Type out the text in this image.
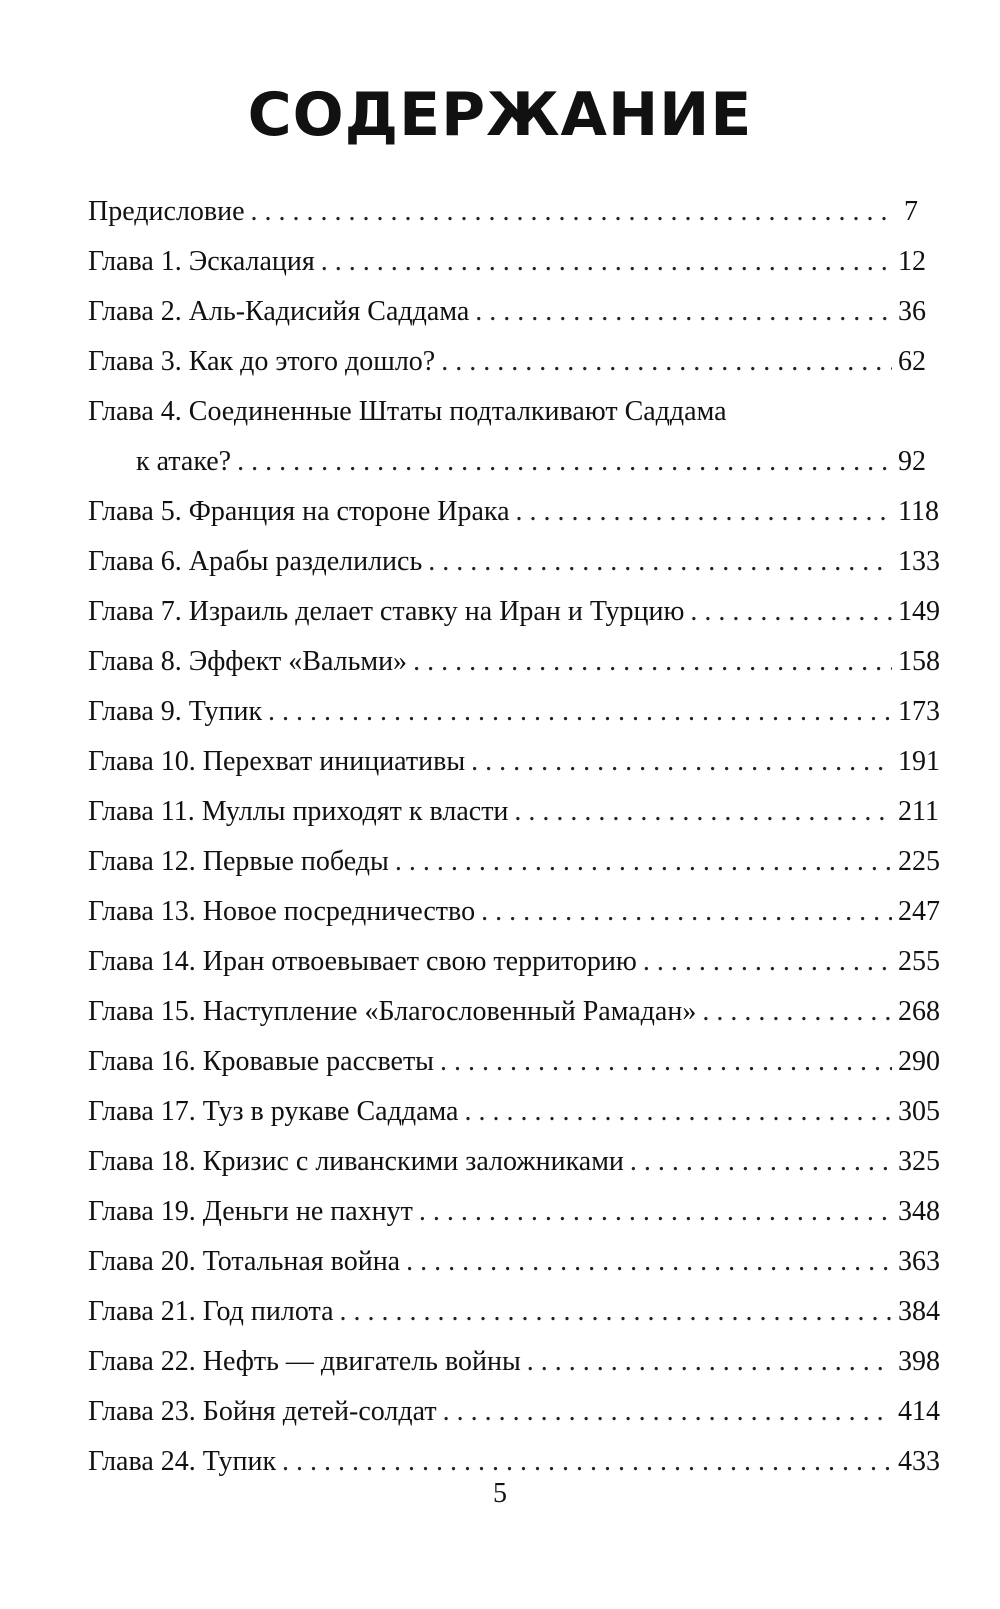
СОДЕРЖАНИЕ
Предисловие . . .	7
Глава 1. Эскалация . . .	12
Глава 2. Аль-Кадисийя Саддама . . .	36
Глава 3. Как до этого дошло? . . .	62
Глава 4. Соединенные Штаты подталкивают Саддама
к атаке? . . .	92
Глава 5. Франция на стороне Ирака . . .	118
Глава 6. Арабы разделились . . .	133
Глава 7. Израиль делает ставку на Иран и Турцию . . .	149
Глава 8. Эффект «Вальми» . . .	158
Глава 9. Тупик . . .	173
Глава 10. Перехват инициативы . . .	191
Глава 11. Муллы приходят к власти . . .	211
Глава 12. Первые победы . . .	225
Глава 13. Новое посредничество . . .	247
Глава 14. Иран отвоевывает свою территорию . . .	255
Глава 15. Наступление «Благословенный Рамадан» . . .	268
Глава 16. Кровавые рассветы . . .	290
Глава 17. Туз в рукаве Саддама . . .	305
Глава 18. Кризис с ливанскими заложниками . . .	325
Глава 19. Деньги не пахнут . . .	348
Глава 20. Тотальная война . . .	363
Глава 21. Год пилота . . .	384
Глава 22. Нефть — двигатель войны . . .	398
Глава 23. Бойня детей-солдат . . .	414
Глава 24. Тупик . . .	433
5
